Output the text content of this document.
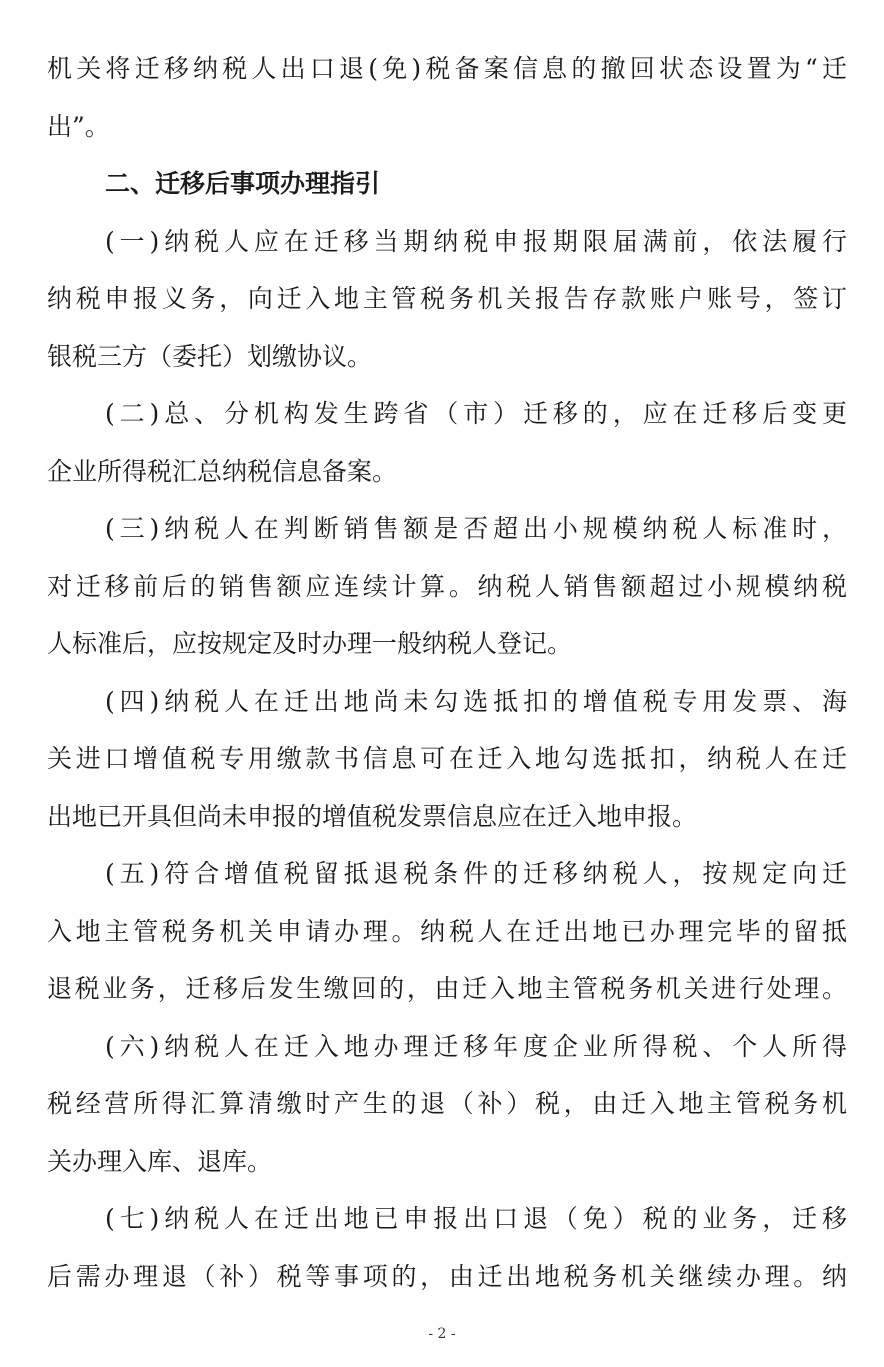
机关将迁移纳税人出口退(免)税备案信息的撤回状态设置为“迁
出”。
二、迁移后事项办理指引
(一)纳税人应在迁移当期纳税申报期限届满前，依法履行
纳税申报义务，向迁入地主管税务机关报告存款账户账号，签订
银税三方（委托）划缴协议。
(二)总、分机构发生跨省（市）迁移的，应在迁移后变更
企业所得税汇总纳税信息备案。
(三)纳税人在判断销售额是否超出小规模纳税人标准时，
对迁移前后的销售额应连续计算。纳税人销售额超过小规模纳税
人标准后，应按规定及时办理一般纳税人登记。
(四)纳税人在迁出地尚未勾选抵扣的增值税专用发票、海
关进口增值税专用缴款书信息可在迁入地勾选抵扣，纳税人在迁
出地已开具但尚未申报的增值税发票信息应在迁入地申报。
(五)符合增值税留抵退税条件的迁移纳税人，按规定向迁
入地主管税务机关申请办理。纳税人在迁出地已办理完毕的留抵
退税业务，迁移后发生缴回的，由迁入地主管税务机关进行处理。
(六)纳税人在迁入地办理迁移年度企业所得税、个人所得
税经营所得汇算清缴时产生的退（补）税，由迁入地主管税务机
关办理入库、退库。
(七)纳税人在迁出地已申报出口退（免）税的业务，迁移
后需办理退（补）税等事项的，由迁出地税务机关继续办理。纳
- 2 -
